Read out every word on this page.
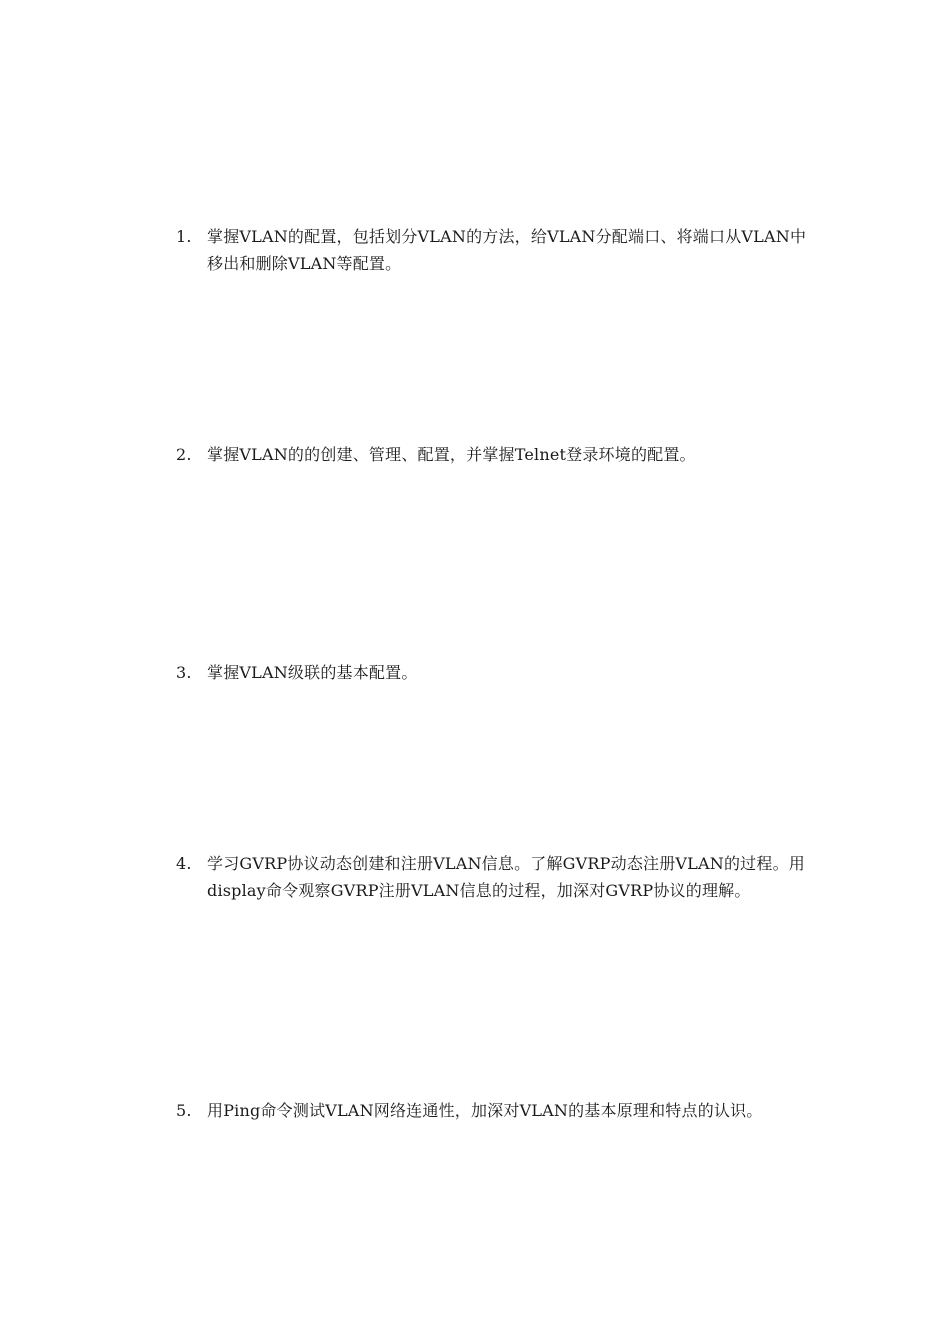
1. 掌握VLAN的配置，包括划分VLAN的方法，给VLAN分配端口、将端口从VLAN中移出和删除VLAN等配置。
2. 掌握VLAN的的创建、管理、配置，并掌握Telnet登录环境的配置。
3. 掌握VLAN级联的基本配置。
4. 学习GVRP协议动态创建和注册VLAN信息。了解GVRP动态注册VLAN的过程。用display命令观察GVRP注册VLAN信息的过程，加深对GVRP协议的理解。
5. 用Ping命令测试VLAN网络连通性，加深对VLAN的基本原理和特点的认识。
